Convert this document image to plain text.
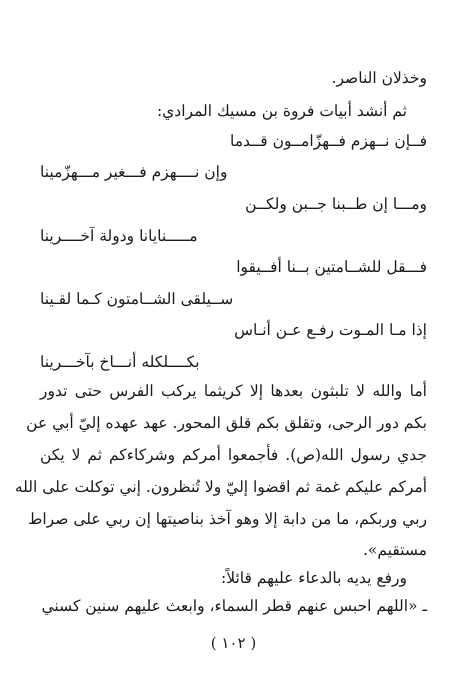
وخذلان الناصر.
ثم أنشد أبيات فروة بن مسيك المرادي:
فــإن نــهزم فــهزّامــون قــدما
وإن نــــهزم فـــغير مـــهزّمينا
ومـــا إن طــبنا جــبن ولكــن
مـــــنايانا ودولة آخــــرينا
فـــقل للشــامتين بــنا أفــيقوا
ســيلقى الشــامتون كـما لقـينا
إذا مـا المـوت رفـع عـن أنـاس
بكــــلكله أنـــاخ بآخـــرينا
أما والله لا تلبثون بعدها إلا كريثما يركب الفرس حتى تدور
بكم دور الرحى، وتقلق بكم قلق المحور. عهد عهده إليّ أبي عن
جدي رسول الله(ص). فأجمعوا أمركم وشركاءكم ثم لا يكن
أمركم عليكم غمة ثم اقضوا إليّ ولا تُنظرون. إني توكلت على الله
ربي وربكم، ما من دابة إلا وهو آخذ بناصيتها إن ربي على صراط
مستقيم».
ورفع يديه بالدعاء عليهم قائلاً:
ـ «اللهم احبس عنهم قطر السماء، وابعث عليهم سنين كسني
( ١٠٢ )
